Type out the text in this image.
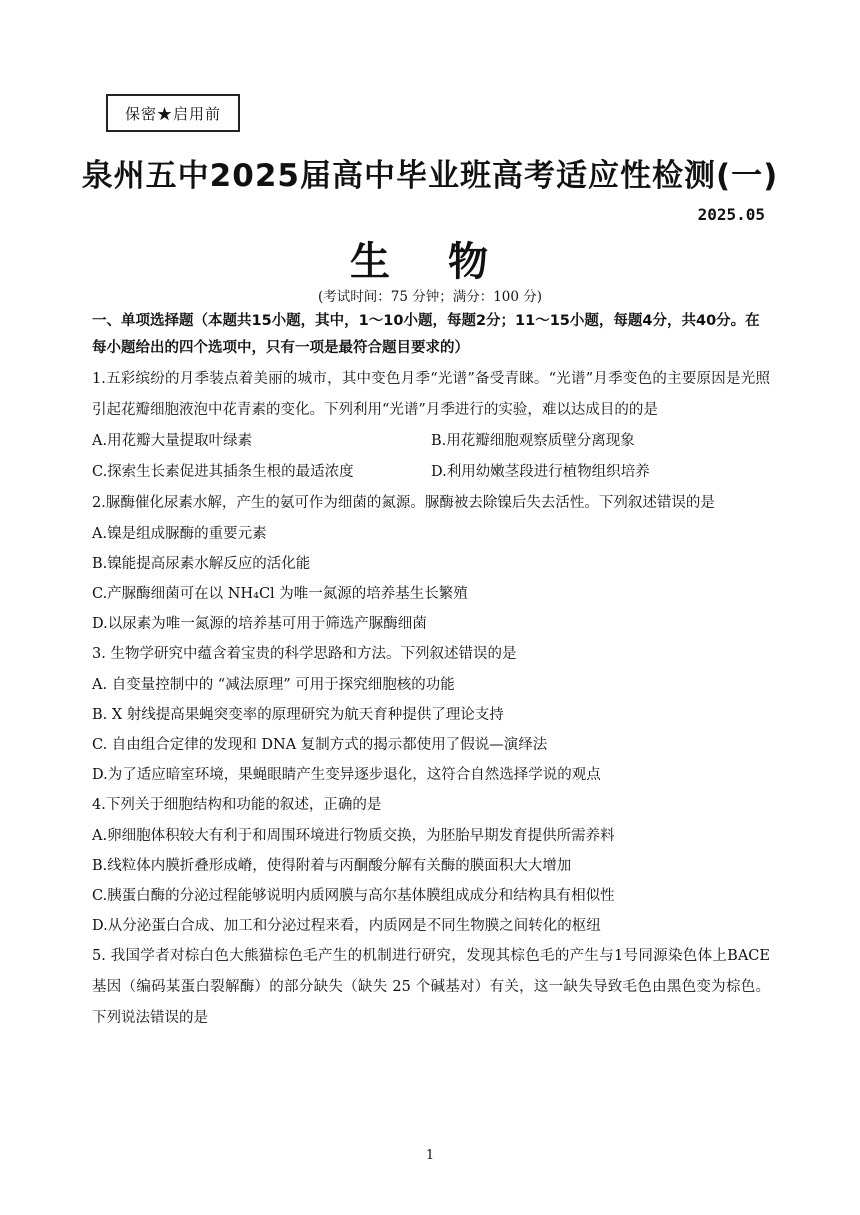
保密★启用前
泉州五中2025届高中毕业班高考适应性检测(一)
2025.05
生 物
(考试时间：75 分钟；满分：100 分)
一、单项选择题（本题共15小题，其中，1～10小题，每题2分；11～15小题，每题4分，共40分。在每小题给出的四个选项中，只有一项是最符合题目要求的）
1.五彩缤纷的月季装点着美丽的城市，其中变色月季“光谱”备受青睐。“光谱”月季变色的主要原因是光照引起花瓣细胞液泡中花青素的变化。下列利用“光谱”月季进行的实验，难以达成目的的是
A.用花瓣大量提取叶绿素	B.用花瓣细胞观察质壁分离现象
C.探索生长素促进其插条生根的最适浓度	D.利用幼嫩茎段进行植物组织培养
2.脲酶催化尿素水解，产生的氨可作为细菌的氮源。脲酶被去除镍后失去活性。下列叙述错误的是
A.镍是组成脲酶的重要元素
B.镍能提高尿素水解反应的活化能
C.产脲酶细菌可在以 NH₄Cl 为唯一氮源的培养基生长繁殖
D.以尿素为唯一氮源的培养基可用于筛选产脲酶细菌
3. 生物学研究中蕴含着宝贵的科学思路和方法。下列叙述错误的是
A. 自变量控制中的 “减法原理” 可用于探究细胞核的功能
B. X 射线提高果蝇突变率的原理研究为航天育种提供了理论支持
C. 自由组合定律的发现和 DNA 复制方式的揭示都使用了假说—演绎法
D.为了适应暗室环境，果蝇眼睛产生变异逐步退化，这符合自然选择学说的观点
4.下列关于细胞结构和功能的叙述，正确的是
A.卵细胞体积较大有利于和周围环境进行物质交换，为胚胎早期发育提供所需养料
B.线粒体内膜折叠形成嵴，使得附着与丙酮酸分解有关酶的膜面积大大增加
C.胰蛋白酶的分泌过程能够说明内质网膜与高尔基体膜组成成分和结构具有相似性
D.从分泌蛋白合成、加工和分泌过程来看，内质网是不同生物膜之间转化的枢纽
5. 我国学者对棕白色大熊猫棕色毛产生的机制进行研究，发现其棕色毛的产生与1号同源染色体上BACE基因（编码某蛋白裂解酶）的部分缺失（缺失 25 个碱基对）有关，这一缺失导致毛色由黑色变为棕色。下列说法错误的是
1
